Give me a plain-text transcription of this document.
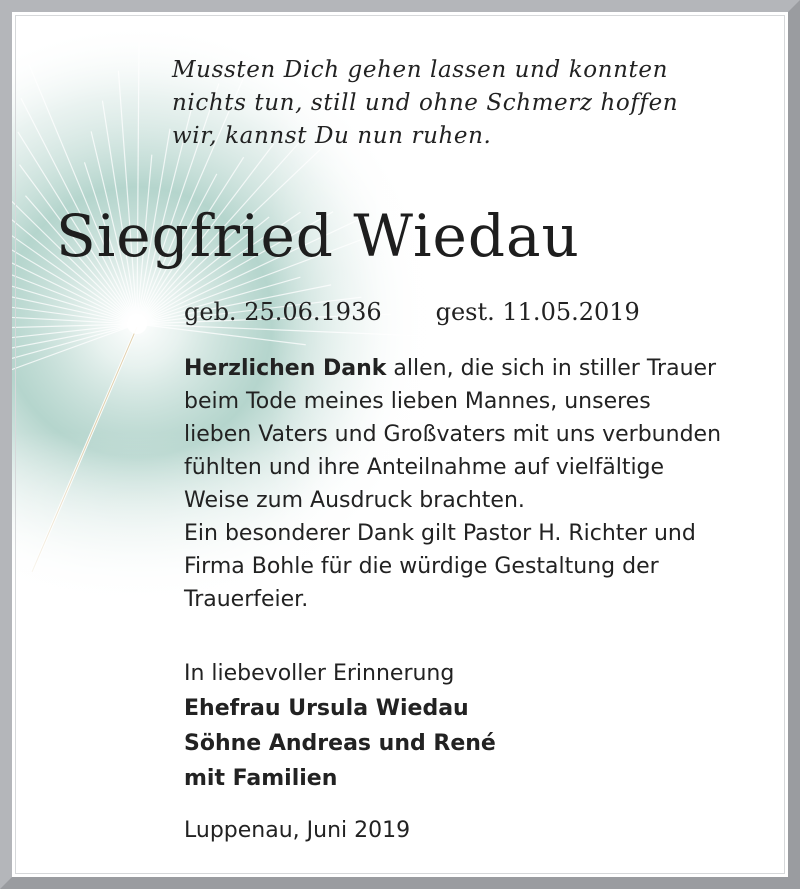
Mussten Dich gehen lassen und konnten
nichts tun, still und ohne Schmerz hoffen
wir, kannst Du nun ruhen.
Siegfried Wiedau
geb. 25.06.1936 gest. 11.05.2019
Herzlichen Dank allen, die sich in stiller Trauer
beim Tode meines lieben Mannes, unseres
lieben Vaters und Großvaters mit uns verbunden
fühlten und ihre Anteilnahme auf vielfältige
Weise zum Ausdruck brachten.
Ein besonderer Dank gilt Pastor H. Richter und
Firma Bohle für die würdige Gestaltung der
Trauerfeier.
In liebevoller Erinnerung
Ehefrau Ursula Wiedau
Söhne Andreas und René
mit Familien
Luppenau, Juni 2019
